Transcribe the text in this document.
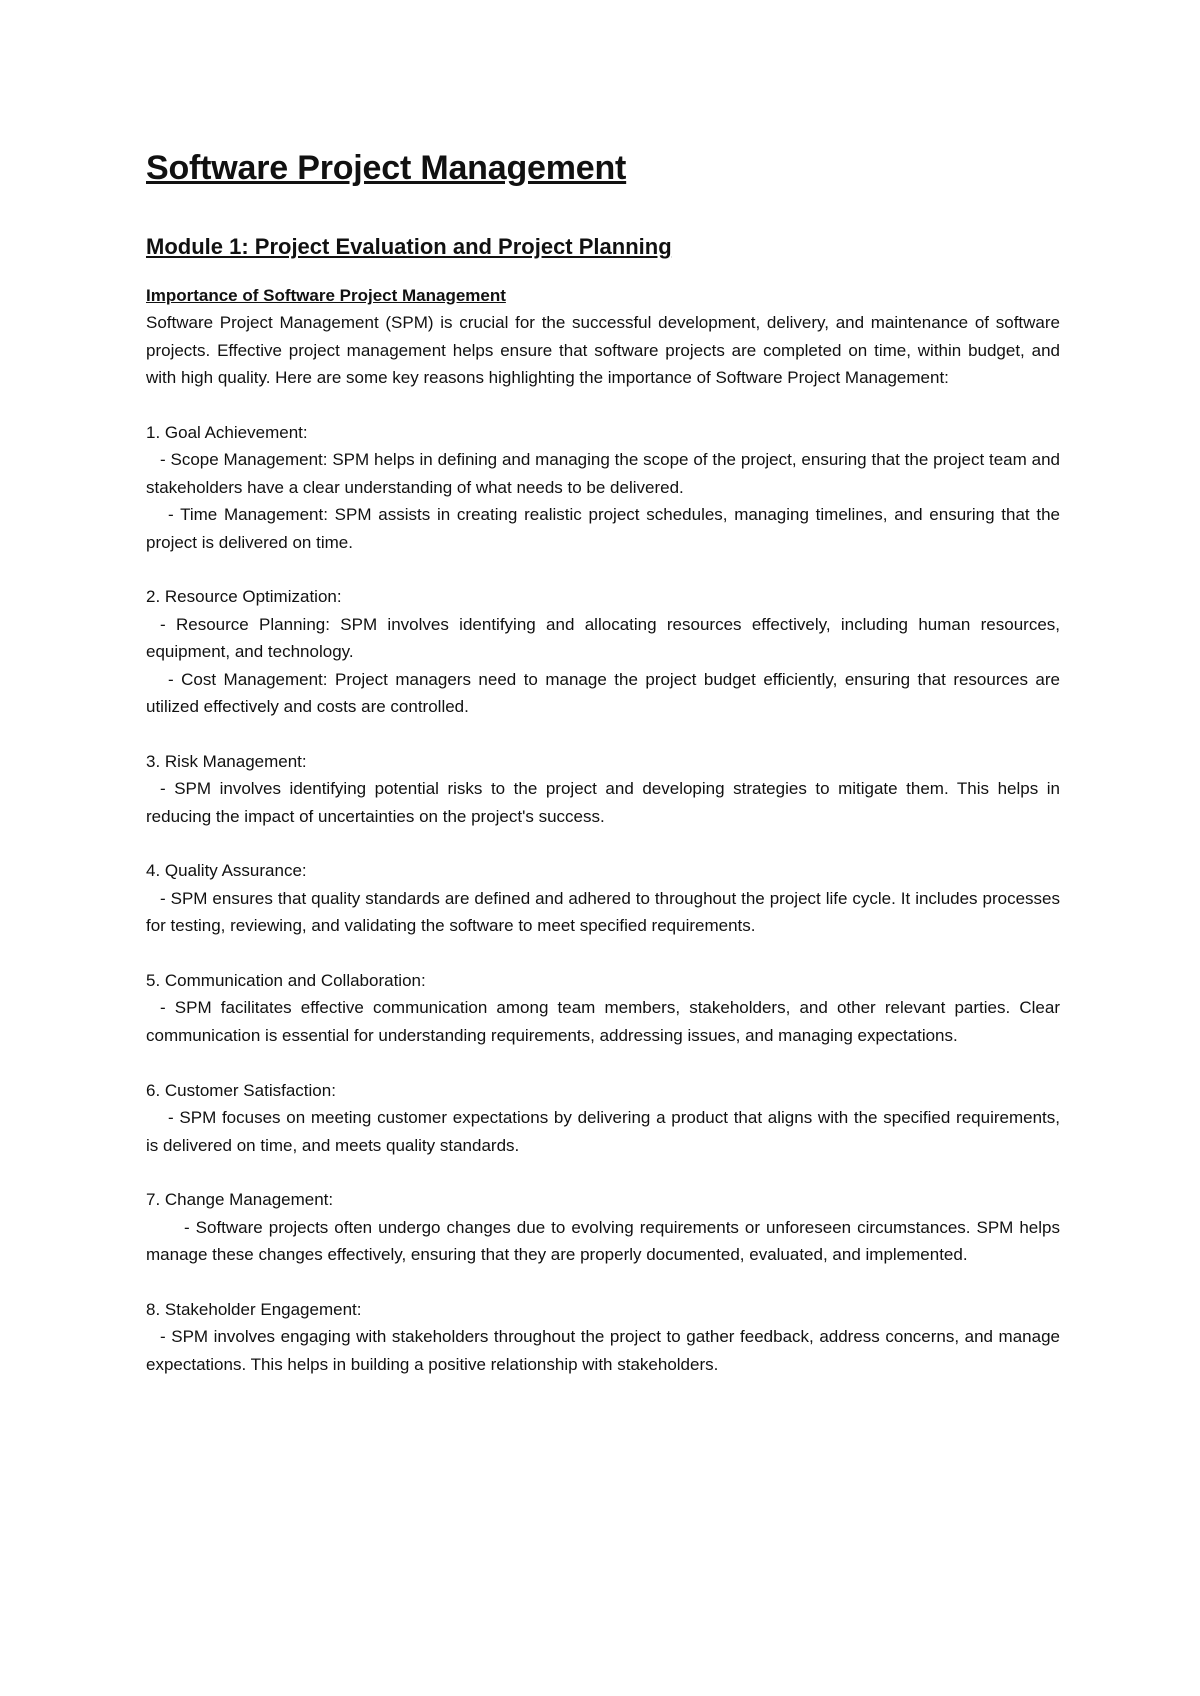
Software Project Management
Module 1: Project Evaluation and Project Planning
Importance of Software Project Management

Software Project Management (SPM) is crucial for the successful development, delivery, and maintenance of software projects. Effective project management helps ensure that software projects are completed on time, within budget, and with high quality. Here are some key reasons highlighting the importance of Software Project Management:

1. Goal Achievement:

- Scope Management: SPM helps in defining and managing the scope of the project, ensuring that the project team and stakeholders have a clear understanding of what needs to be delivered.

- Time Management: SPM assists in creating realistic project schedules, managing timelines, and ensuring that the project is delivered on time.

2. Resource Optimization:

- Resource Planning: SPM involves identifying and allocating resources effectively, including human resources, equipment, and technology.

- Cost Management: Project managers need to manage the project budget efficiently, ensuring that resources are utilized effectively and costs are controlled.

3. Risk Management:

- SPM involves identifying potential risks to the project and developing strategies to mitigate them. This helps in reducing the impact of uncertainties on the project's success.

4. Quality Assurance:

- SPM ensures that quality standards are defined and adhered to throughout the project life cycle. It includes processes for testing, reviewing, and validating the software to meet specified requirements.

5. Communication and Collaboration:

- SPM facilitates effective communication among team members, stakeholders, and other relevant parties. Clear communication is essential for understanding requirements, addressing issues, and managing expectations.

6. Customer Satisfaction:

- SPM focuses on meeting customer expectations by delivering a product that aligns with the specified requirements, is delivered on time, and meets quality standards.

7. Change Management:

- Software projects often undergo changes due to evolving requirements or unforeseen circumstances. SPM helps manage these changes effectively, ensuring that they are properly documented, evaluated, and implemented.

8. Stakeholder Engagement:

- SPM involves engaging with stakeholders throughout the project to gather feedback, address concerns, and manage expectations. This helps in building a positive relationship with stakeholders.
